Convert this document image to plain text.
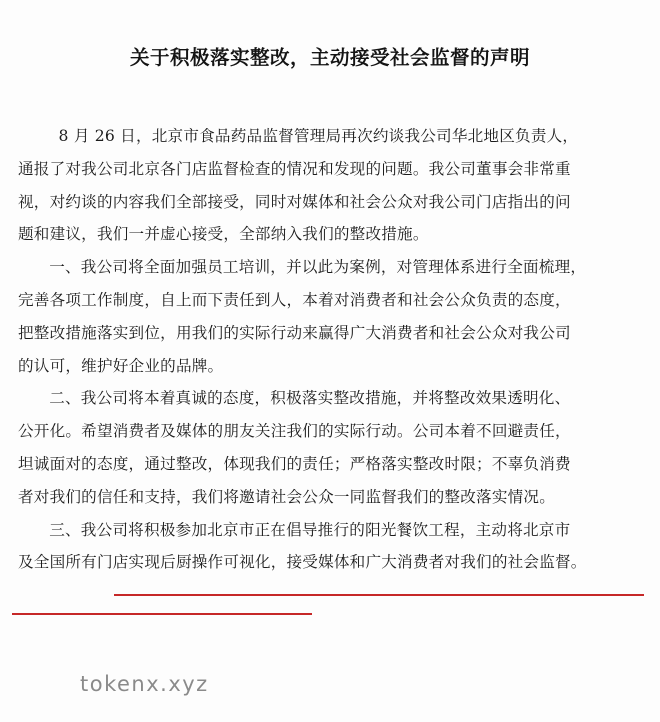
关于积极落实整改，主动接受社会监督的声明

8 月 26 日，北京市食品药品监督管理局再次约谈我公司华北地区负责人，
通报了对我公司北京各门店监督检查的情况和发现的问题。我公司董事会非常重
视，对约谈的内容我们全部接受，同时对媒体和社会公众对我公司门店指出的问
题和建议，我们一并虚心接受，全部纳入我们的整改措施。

一、我公司将全面加强员工培训，并以此为案例，对管理体系进行全面梳理，
完善各项工作制度，自上而下责任到人，本着对消费者和社会公众负责的态度，
把整改措施落实到位，用我们的实际行动来赢得广大消费者和社会公众对我公司
的认可，维护好企业的品牌。

二、我公司将本着真诚的态度，积极落实整改措施，并将整改效果透明化、
公开化。希望消费者及媒体的朋友关注我们的实际行动。公司本着不回避责任，
坦诚面对的态度，通过整改，体现我们的责任；严格落实整改时限；不辜负消费
者对我们的信任和支持，我们将邀请社会公众一同监督我们的整改落实情况。

三、我公司将积极参加北京市正在倡导推行的阳光餐饮工程，主动将北京市
及全国所有门店实现后厨操作可视化，接受媒体和广大消费者对我们的社会监督。

tokenx.xyz
